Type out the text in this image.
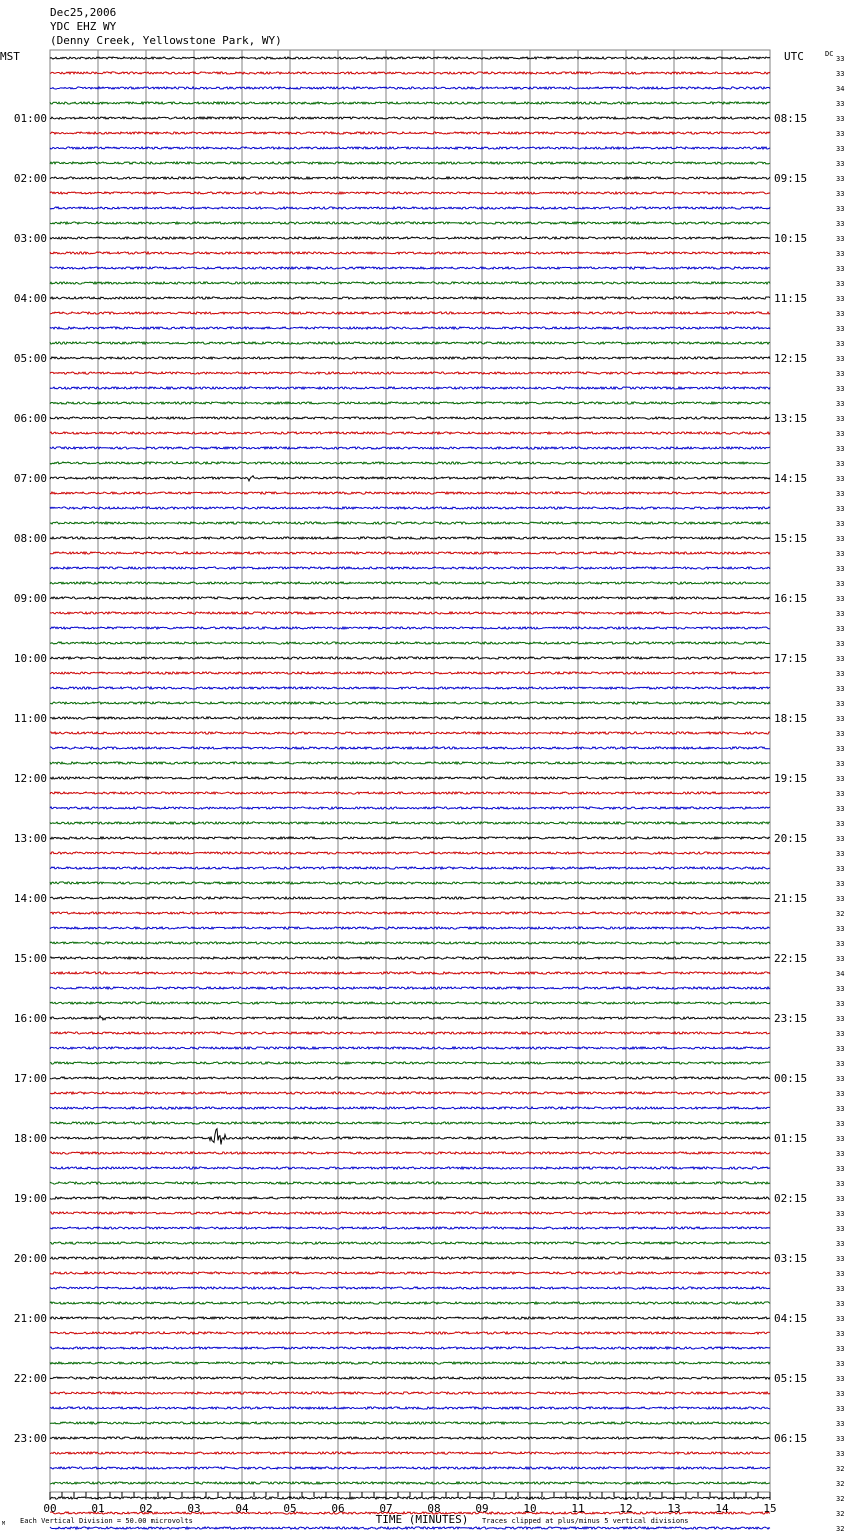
Dec25,2006
YDC EHZ WY
(Denny Creek, Yellowstone Park, WY)
MST	UTC	DC
01:00
02:00
03:00
04:00
05:00
06:00
07:00
08:00
09:00
10:00
11:00
12:00
13:00
14:00
15:00
16:00
17:00
18:00
19:00
20:00
21:00
22:00
23:00
08:15
09:15
10:15
11:15
12:15
13:15
14:15
15:15
16:15
17:15
18:15
19:15
20:15
21:15
22:15
23:15
00:15
01:15
02:15
03:15
04:15
05:15
06:15
33
33
34
33
33
33
33
33
33
33
33
33
33
33
33
33
33
33
33
33
33
33
33
33
33
33
33
33
33
33
33
33
33
33
33
33
33
33
33
33
33
33
33
33
33
33
33
33
33
33
33
33
33
33
33
33
33
32
33
33
33
34
33
33
33
33
33
33
33
33
33
33
33
33
33
33
33
33
33
33
33
33
33
33
33
33
33
33
33
33
33
33
33
33
32
32
32
32
32
00	01	02	03	04	05	06	07	08	09	10	11	12	13	14	15
TIME (MINUTES)
Each Vertical Division = 50.00 microvolts	Traces clipped at plus/minus 5 vertical divisions
M
